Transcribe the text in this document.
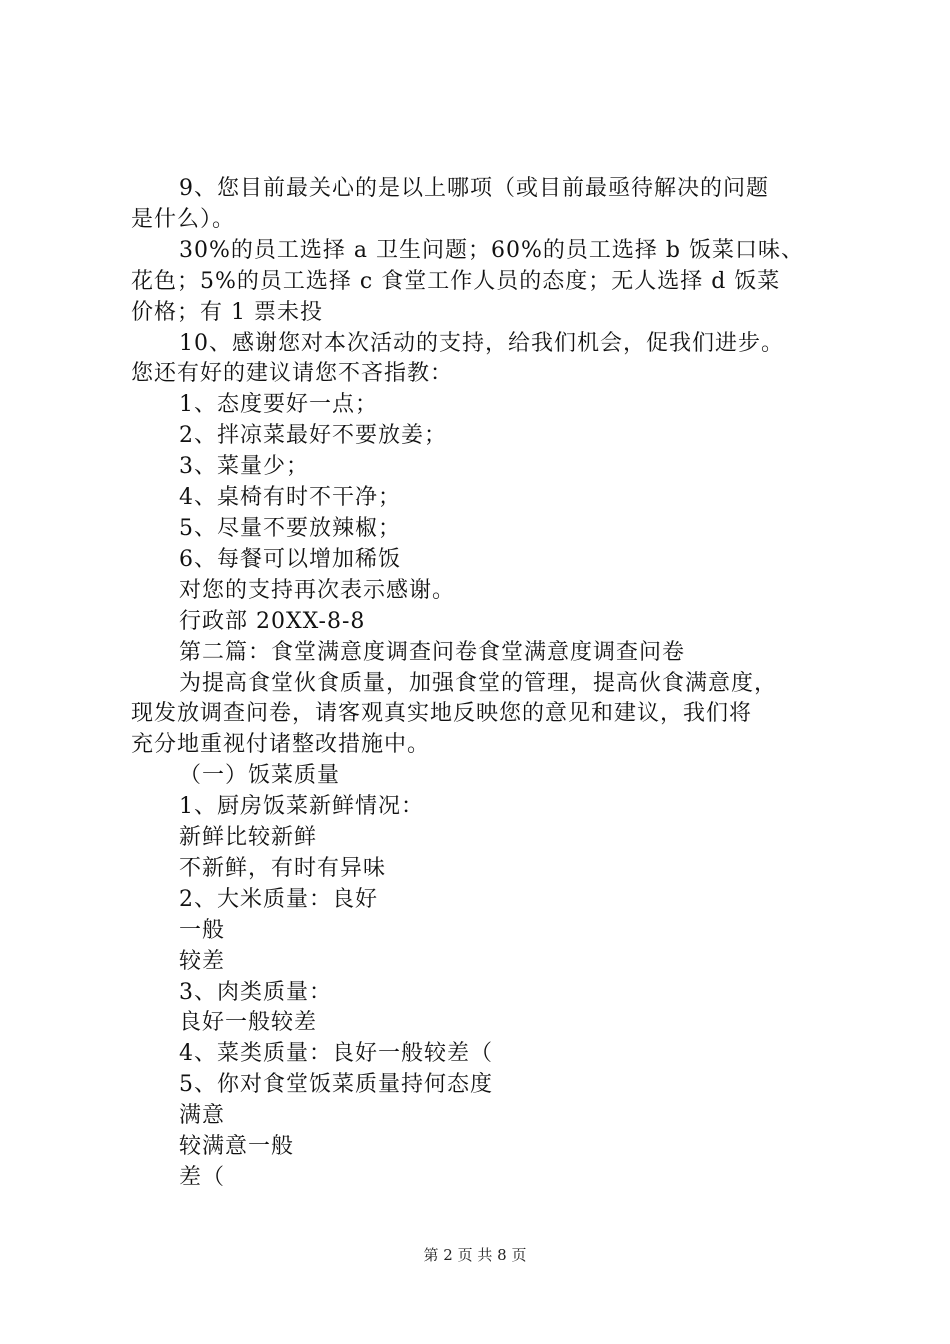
9、您目前最关心的是以上哪项（或目前最亟待解决的问题
是什么）。
30%的员工选择 a 卫生问题；60%的员工选择 b 饭菜口味、
花色；5%的员工选择 c 食堂工作人员的态度；无人选择 d 饭菜
价格；有 1 票未投
10、感谢您对本次活动的支持，给我们机会，促我们进步。
您还有好的建议请您不吝指教：
1、态度要好一点；
2、拌凉菜最好不要放姜；
3、菜量少；
4、桌椅有时不干净；
5、尽量不要放辣椒；
6、每餐可以增加稀饭
对您的支持再次表示感谢。
行政部 20XX-8-8
第二篇：食堂满意度调查问卷食堂满意度调查问卷
为提高食堂伙食质量，加强食堂的管理，提高伙食满意度，
现发放调查问卷，请客观真实地反映您的意见和建议，我们将
充分地重视付诸整改措施中。
（一）饭菜质量
1、厨房饭菜新鲜情况：
新鲜比较新鲜
不新鲜，有时有异味
2、大米质量：良好
一般
较差
3、肉类质量：
良好一般较差
4、菜类质量：良好一般较差（
5、你对食堂饭菜质量持何态度
满意
较满意一般
差（
第 2 页 共 8 页
